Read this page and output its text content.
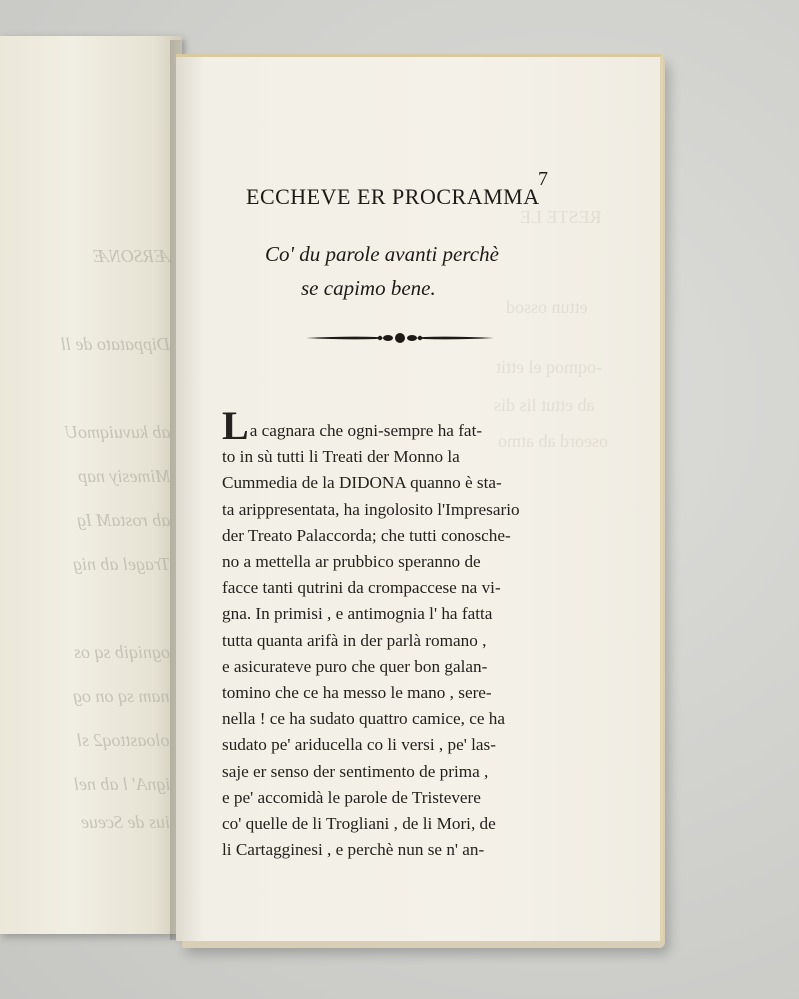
ÆRSONÆ
Dippatato de ll
ab kuvuiqmoU
Mimesiy nap
ab rostaM Ig
Tragel ab nig
ogniqib sq os
nam sq on og
oloasttoq2 sl
ignA' l ab nel
ius de Sceue
RESTE LE
ettun ossod
-oqmoq el ettit
ab ettut lis dis
oseord ab atmo
7
ECCHEVE ER PROCRAMMA
Co' du parole avanti perchè
se capimo bene.
La cagnara che ogni-sempre ha fat-
to in sù tutti li Treati der Monno la
Cummedia de la DIDONA quanno è sta-
ta arippresentata, ha ingolosito l'Impresario
der Treato Palaccorda; che tutti conosche-
no a mettella ar prubbico speranno de
facce tanti qutrini da crompaccese na vi-
gna. In primisi , e antimognia l' ha fatta
tutta quanta arifà in der parlà romano ,
e asicurateve puro che quer bon galan-
tomino che ce ha messo le mano , sere-
nella ! ce ha sudato quattro camice, ce ha
sudato pe' ariducella co li versi , pe' las-
saje er senso der sentimento de prima ,
e pe' accomidà le parole de Tristevere
co' quelle de li Trogliani , de li Mori, de
li Cartagginesi , e perchè nun se n' an-
